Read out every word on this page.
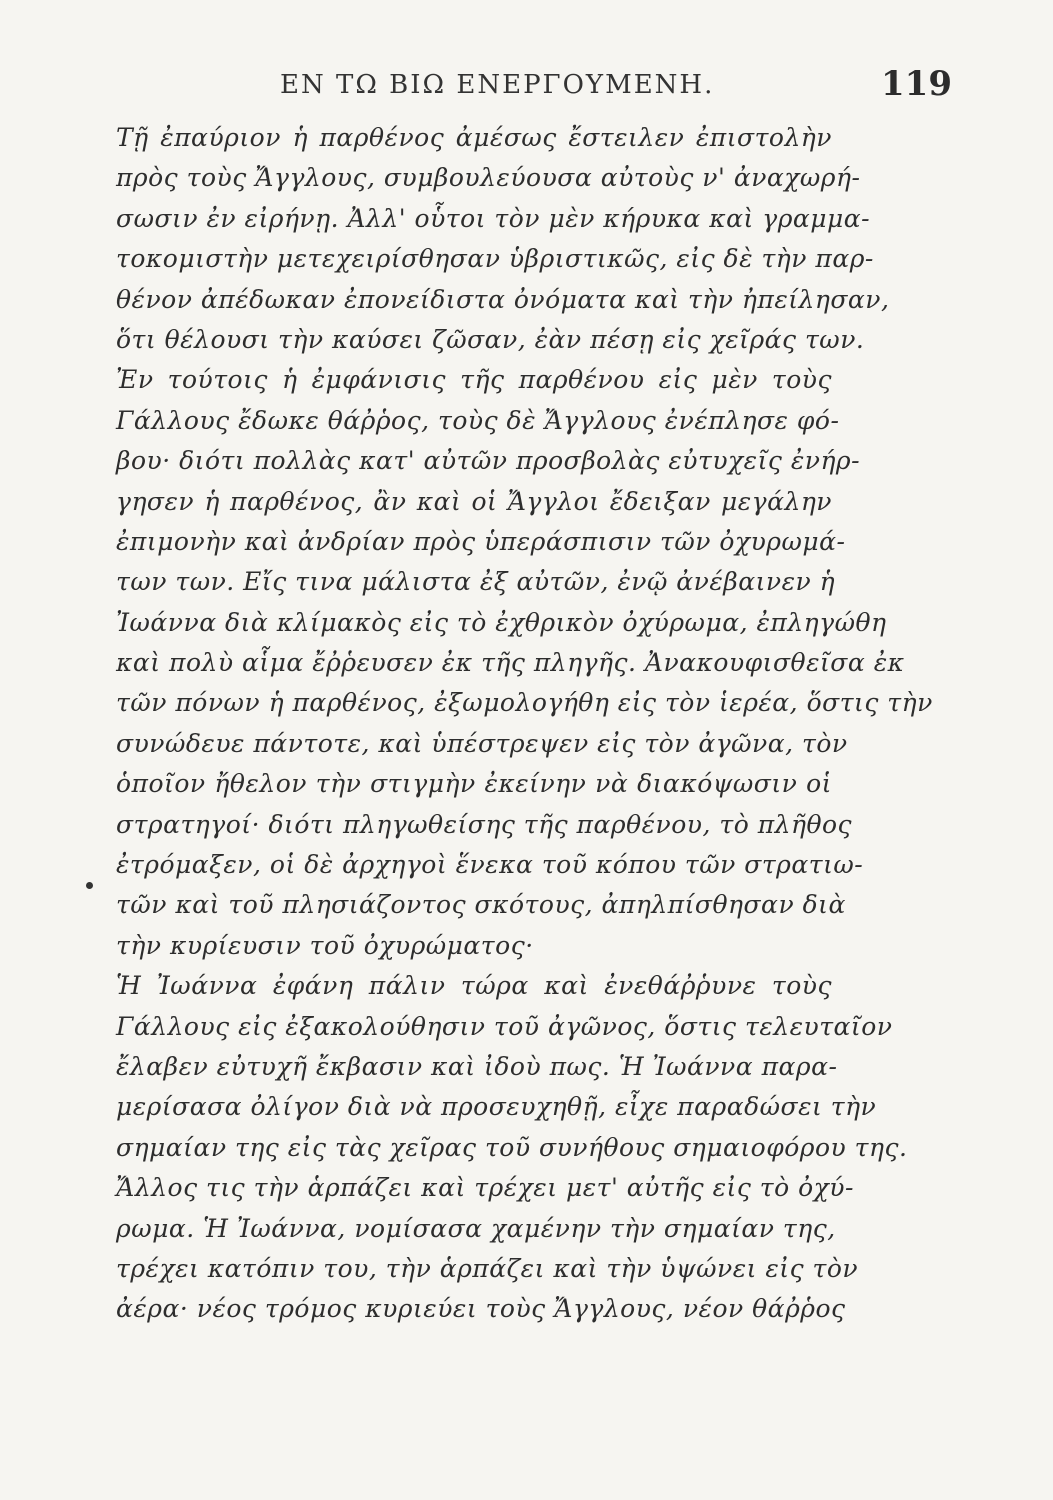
ΕΝ ΤΩ ΒΙΩ ΕΝΕΡΓΟΥΜΕΝΗ.	119
Τῇ ἐπαύριον ἡ παρθένος ἀμέσως ἔστειλεν ἐπιστολὴν
πρὸς τοὺς Ἄγγλους, συμβουλεύουσα αὐτοὺς ν' ἀναχωρή-
σωσιν ἐν εἰρήνῃ. Ἀλλ' οὗτοι τὸν μὲν κήρυκα καὶ γραμμα-
τοκομιστὴν μετεχειρίσθησαν ὑβριστικῶς, εἰς δὲ τὴν παρ-
θένον ἀπέδωκαν ἐπονείδιστα ὀνόματα καὶ τὴν ἠπείλησαν,
ὅτι θέλουσι τὴν καύσει ζῶσαν, ἐὰν πέσῃ εἰς χεῖράς των.
Ἐν τούτοις ἡ ἐμφάνισις τῆς παρθένου εἰς μὲν τοὺς
Γάλλους ἔδωκε θάῤῥος, τοὺς δὲ Ἄγγλους ἐνέπλησε φό-
βου· διότι πολλὰς κατ' αὐτῶν προσβολὰς εὐτυχεῖς ἐνήρ-
γησεν ἡ παρθένος, ἂν καὶ οἱ Ἄγγλοι ἔδειξαν μεγάλην
ἐπιμονὴν καὶ ἀνδρίαν πρὸς ὑπεράσπισιν τῶν ὀχυρωμά-
των των. Εἴς τινα μάλιστα ἐξ αὐτῶν, ἐνῷ ἀνέβαινεν ἡ
Ἰωάννα διὰ κλίμακὸς εἰς τὸ ἐχθρικὸν ὀχύρωμα, ἐπληγώθη
καὶ πολὺ αἷμα ἔῤῥευσεν ἐκ τῆς πληγῆς. Ἀνακουφισθεῖσα ἐκ
τῶν πόνων ἡ παρθένος, ἐξωμολογήθη εἰς τὸν ἱερέα, ὅστις τὴν
συνώδευε πάντοτε, καὶ ὑπέστρεψεν εἰς τὸν ἀγῶνα, τὸν
ὁποῖον ἤθελον τὴν στιγμὴν ἐκείνην νὰ διακόψωσιν οἱ
στρατηγοί· διότι πληγωθείσης τῆς παρθένου, τὸ πλῆθος
ἐτρόμαξεν, οἱ δὲ ἀρχηγοὶ ἕνεκα τοῦ κόπου τῶν στρατιω-
τῶν καὶ τοῦ πλησιάζοντος σκότους, ἀπηλπίσθησαν διὰ
τὴν κυρίευσιν τοῦ ὀχυρώματος·
Ἡ Ἰωάννα ἐφάνη πάλιν τώρα καὶ ἐνεθάῤῥυνε τοὺς
Γάλλους εἰς ἐξακολούθησιν τοῦ ἀγῶνος, ὅστις τελευταῖον
ἔλαβεν εὐτυχῆ ἔκβασιν καὶ ἰδοὺ πως. Ἡ Ἰωάννα παρα-
μερίσασα ὀλίγον διὰ νὰ προσευχηθῇ, εἶχε παραδώσει τὴν
σημαίαν της εἰς τὰς χεῖρας τοῦ συνήθους σημαιοφόρου της.
Ἄλλος τις τὴν ἁρπάζει καὶ τρέχει μετ' αὐτῆς εἰς τὸ ὀχύ-
ρωμα. Ἡ Ἰωάννα, νομίσασα χαμένην τὴν σημαίαν της,
τρέχει κατόπιν του, τὴν ἁρπάζει καὶ τὴν ὑψώνει εἰς τὸν
ἀέρα· νέος τρόμος κυριεύει τοὺς Ἄγγλους, νέον θάῤῥος
